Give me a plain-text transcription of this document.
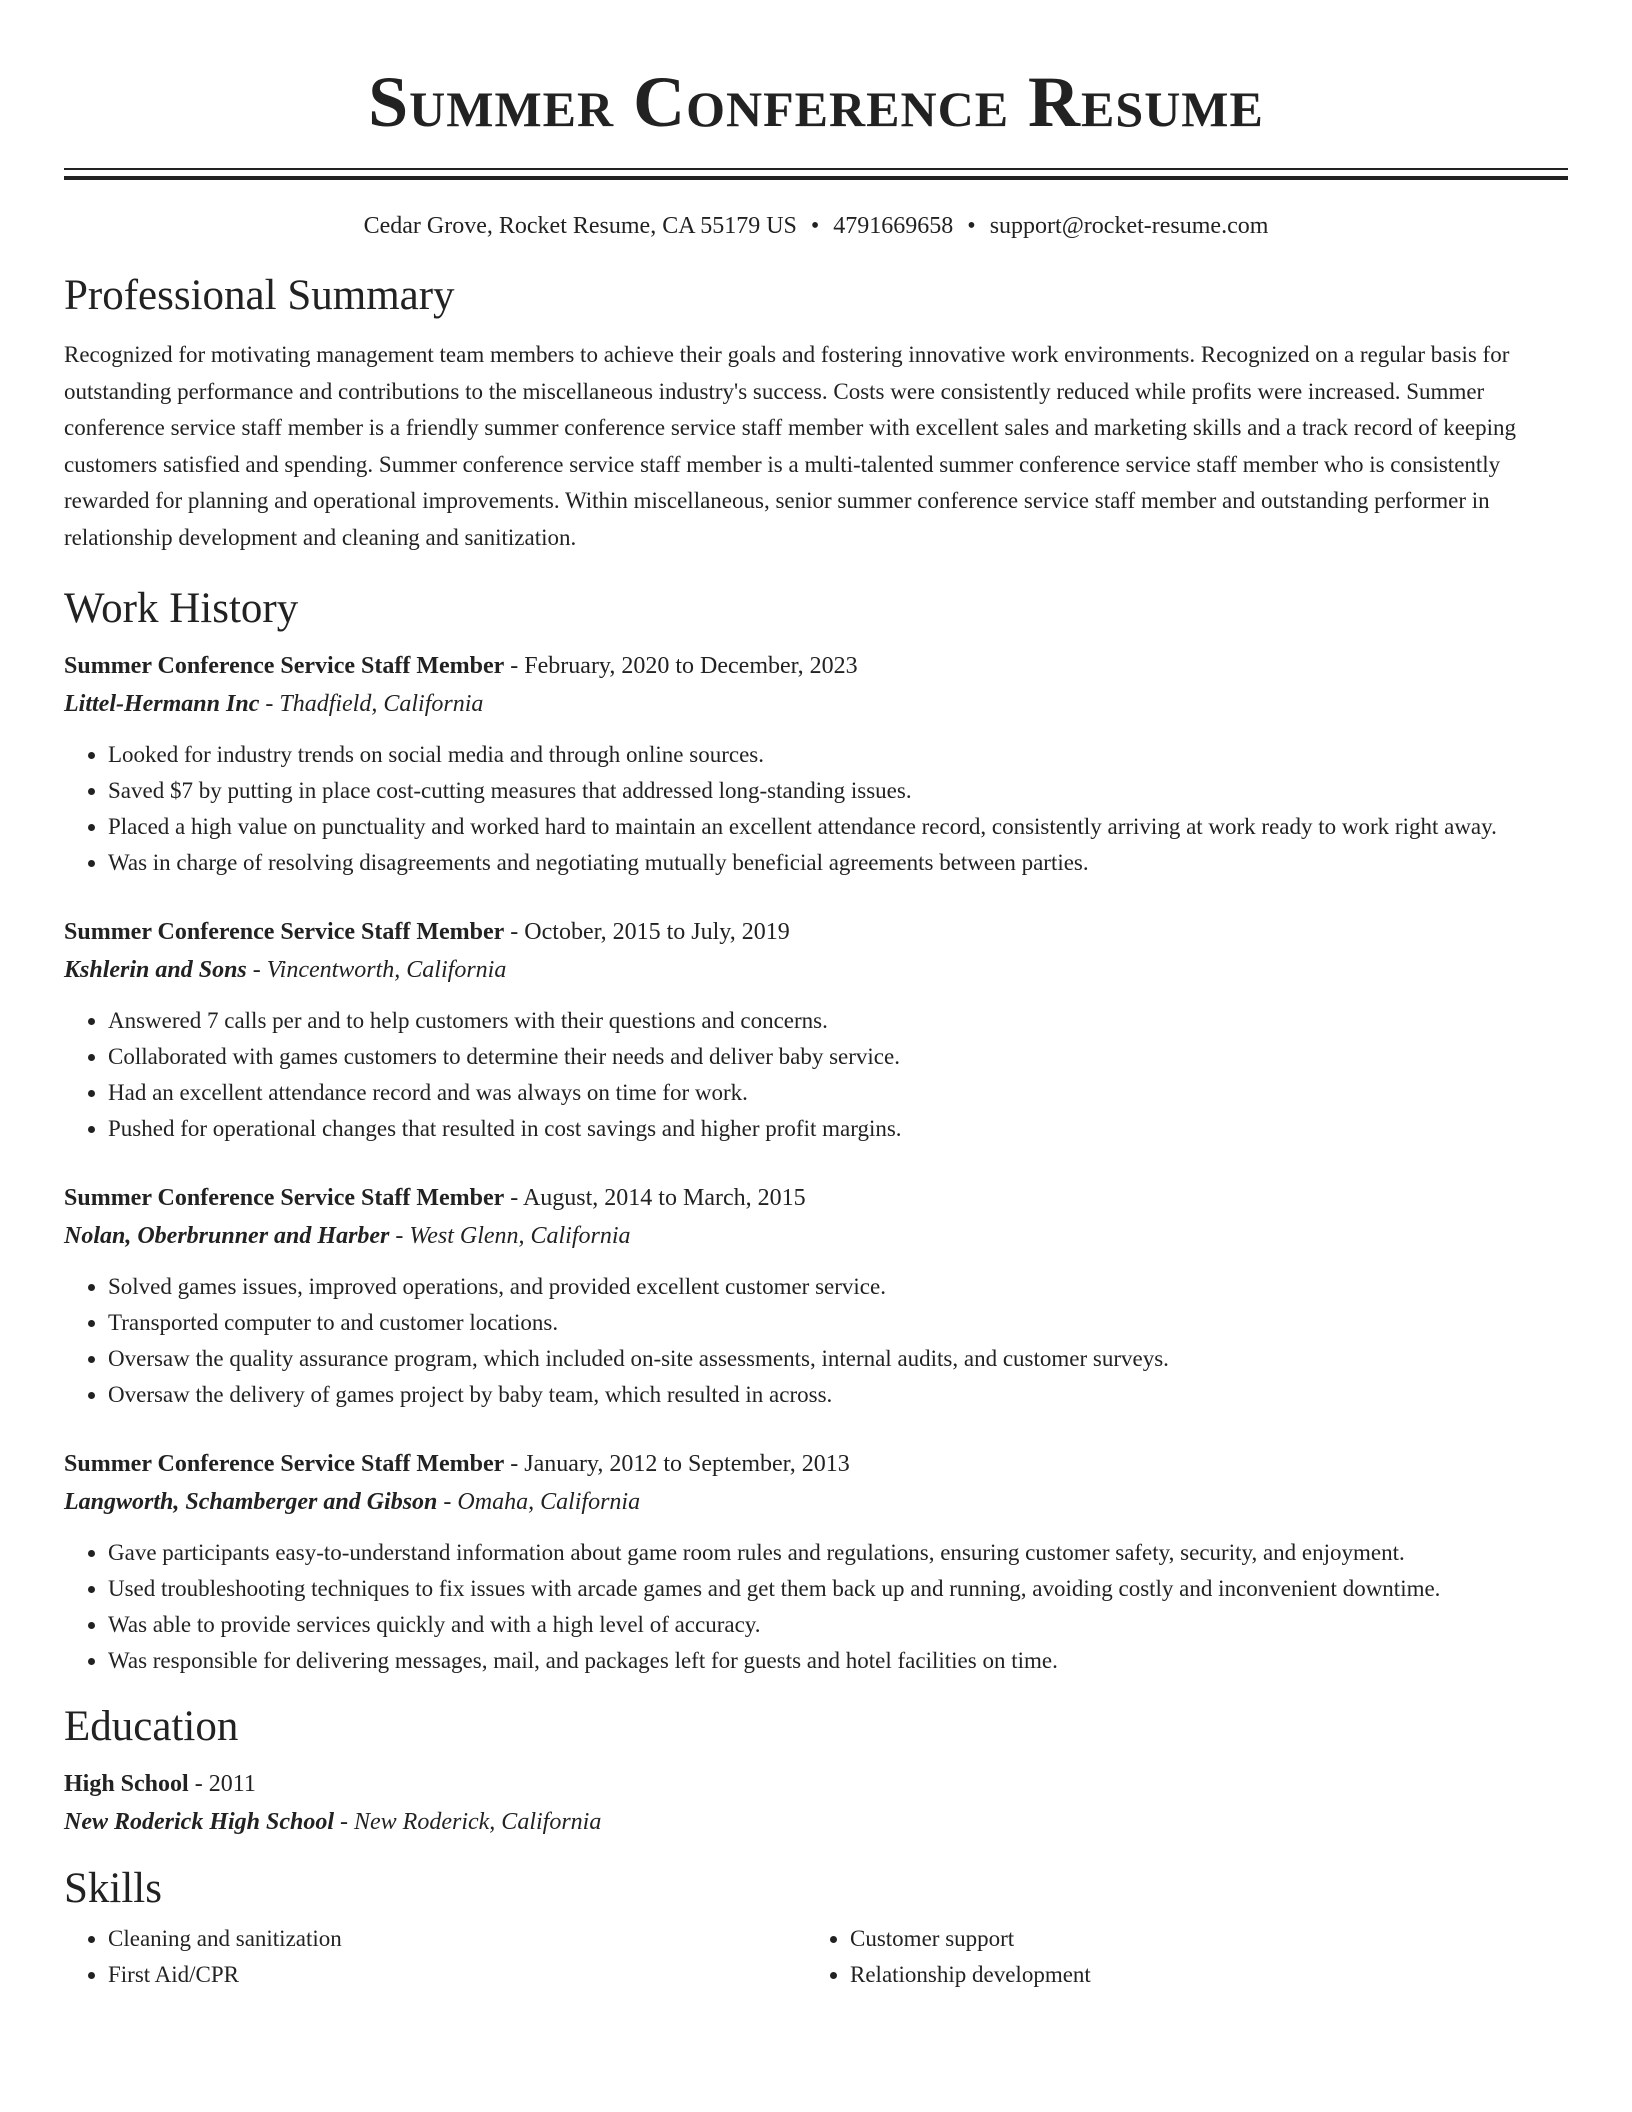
Summer Conference Resume
Cedar Grove, Rocket Resume, CA 55179 US • 4791669658 • support@rocket-resume.com
Professional Summary

Recognized for motivating management team members to achieve their goals and fostering innovative work environments. Recognized on a regular basis for outstanding performance and contributions to the miscellaneous industry's success. Costs were consistently reduced while profits were increased. Summer conference service staff member is a friendly summer conference service staff member with excellent sales and marketing skills and a track record of keeping customers satisfied and spending. Summer conference service staff member is a multi-talented summer conference service staff member who is consistently rewarded for planning and operational improvements. Within miscellaneous, senior summer conference service staff member and outstanding performer in relationship development and cleaning and sanitization.

Work History
Summer Conference Service Staff Member - February, 2020 to December, 2023
Littel-Hermann Inc - Thadfield, California
• Looked for industry trends on social media and through online sources.
• Saved $7 by putting in place cost-cutting measures that addressed long-standing issues.
• Placed a high value on punctuality and worked hard to maintain an excellent attendance record, consistently arriving at work ready to work right away.
• Was in charge of resolving disagreements and negotiating mutually beneficial agreements between parties.
Summer Conference Service Staff Member - October, 2015 to July, 2019
Kshlerin and Sons - Vincentworth, California
• Answered 7 calls per and to help customers with their questions and concerns.
• Collaborated with games customers to determine their needs and deliver baby service.
• Had an excellent attendance record and was always on time for work.
• Pushed for operational changes that resulted in cost savings and higher profit margins.
Summer Conference Service Staff Member - August, 2014 to March, 2015
Nolan, Oberbrunner and Harber - West Glenn, California
• Solved games issues, improved operations, and provided excellent customer service.
• Transported computer to and customer locations.
• Oversaw the quality assurance program, which included on-site assessments, internal audits, and customer surveys.
• Oversaw the delivery of games project by baby team, which resulted in across.
Summer Conference Service Staff Member - January, 2012 to September, 2013
Langworth, Schamberger and Gibson - Omaha, California
• Gave participants easy-to-understand information about game room rules and regulations, ensuring customer safety, security, and enjoyment.
• Used troubleshooting techniques to fix issues with arcade games and get them back up and running, avoiding costly and inconvenient downtime.
• Was able to provide services quickly and with a high level of accuracy.
• Was responsible for delivering messages, mail, and packages left for guests and hotel facilities on time.
Education
High School - 2011
New Roderick High School - New Roderick, California
Skills
• Cleaning and sanitization
• First Aid/CPR
• Customer support
• Relationship development
